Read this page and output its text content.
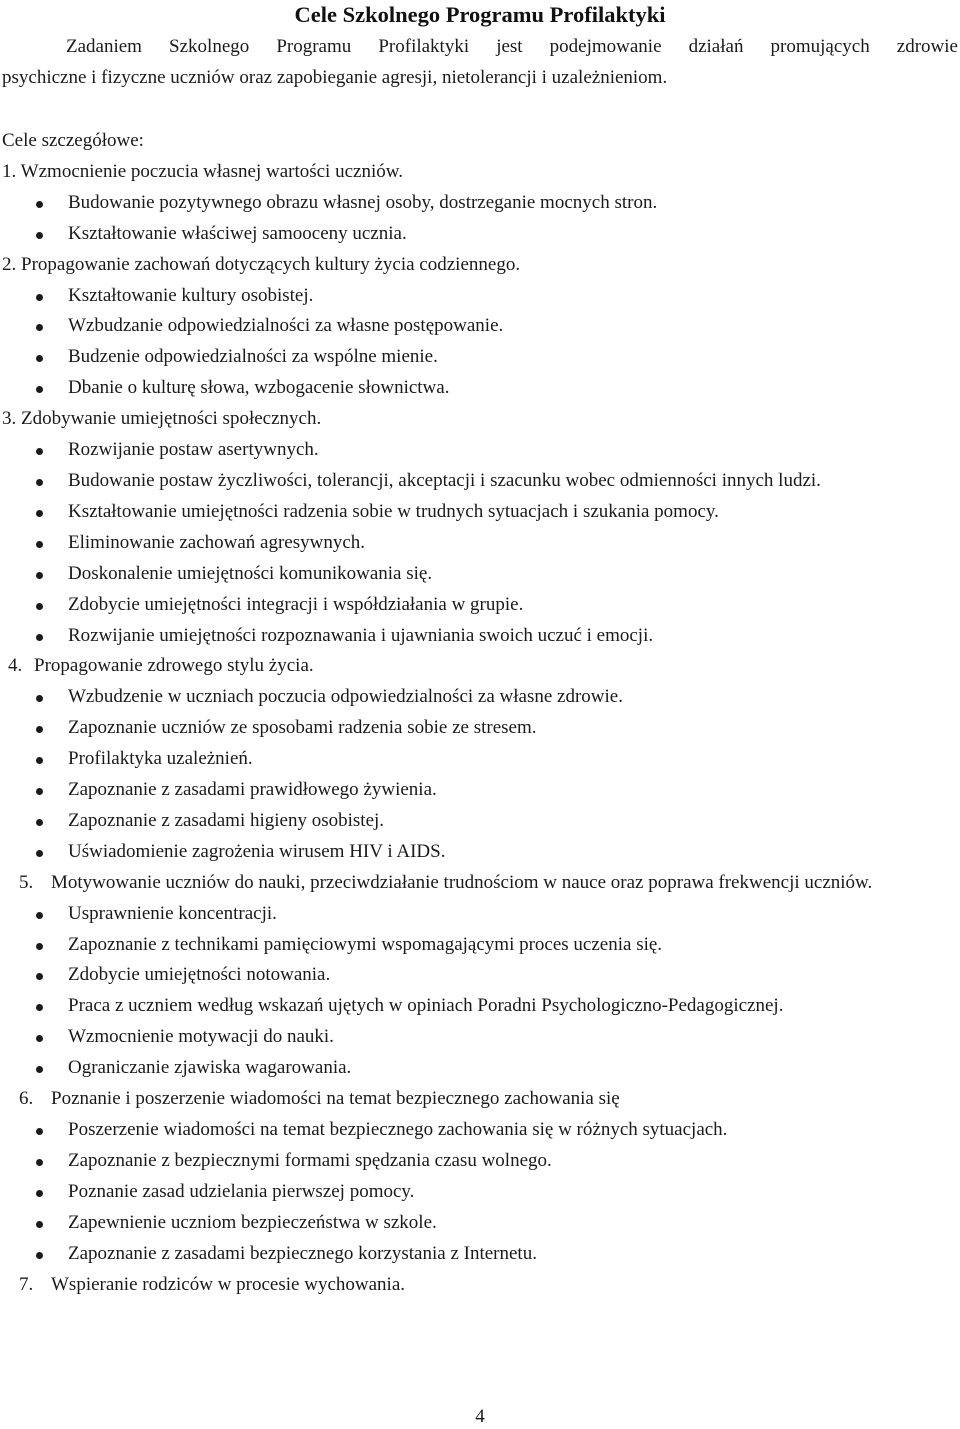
Cele Szkolnego Programu Profilaktyki
Zadaniem Szkolnego Programu Profilaktyki jest podejmowanie działań promujących zdrowie
psychiczne i fizyczne uczniów oraz zapobieganie agresji, nietolerancji i uzależnieniom.
Cele szczegółowe:
1. Wzmocnienie poczucia własnej wartości uczniów.
Budowanie pozytywnego obrazu własnej osoby, dostrzeganie mocnych stron.
Kształtowanie właściwej samooceny ucznia.
2. Propagowanie zachowań dotyczących kultury życia codziennego.
Kształtowanie kultury osobistej.
Wzbudzanie odpowiedzialności za własne postępowanie.
Budzenie odpowiedzialności za wspólne mienie.
Dbanie o kulturę słowa, wzbogacenie słownictwa.
3. Zdobywanie umiejętności społecznych.
Rozwijanie postaw asertywnych.
Budowanie postaw życzliwości, tolerancji, akceptacji i szacunku wobec odmienności innych ludzi.
Kształtowanie umiejętności radzenia sobie w trudnych sytuacjach i szukania pomocy.
Eliminowanie zachowań agresywnych.
Doskonalenie umiejętności komunikowania się.
Zdobycie umiejętności integracji i współdziałania w grupie.
Rozwijanie umiejętności rozpoznawania i ujawniania swoich uczuć i emocji.
4. Propagowanie zdrowego stylu życia.
Wzbudzenie w uczniach poczucia odpowiedzialności za własne zdrowie.
Zapoznanie uczniów ze sposobami radzenia sobie ze stresem.
Profilaktyka uzależnień.
Zapoznanie z zasadami prawidłowego żywienia.
Zapoznanie z zasadami higieny osobistej.
Uświadomienie zagrożenia wirusem HIV i AIDS.
5. Motywowanie uczniów do nauki, przeciwdziałanie trudnościom w nauce oraz poprawa frekwencji uczniów.
Usprawnienie koncentracji.
Zapoznanie z technikami pamięciowymi wspomagającymi proces uczenia się.
Zdobycie umiejętności notowania.
Praca z uczniem według wskazań ujętych w opiniach Poradni Psychologiczno-Pedagogicznej.
Wzmocnienie motywacji do nauki.
Ograniczanie zjawiska wagarowania.
6. Poznanie i poszerzenie wiadomości na temat bezpiecznego zachowania się
Poszerzenie wiadomości na temat bezpiecznego zachowania się w różnych sytuacjach.
Zapoznanie z bezpiecznymi formami spędzania czasu wolnego.
Poznanie zasad udzielania pierwszej pomocy.
Zapewnienie uczniom bezpieczeństwa w szkole.
Zapoznanie z zasadami bezpiecznego korzystania z Internetu.
7. Wspieranie rodziców w procesie wychowania.
4
